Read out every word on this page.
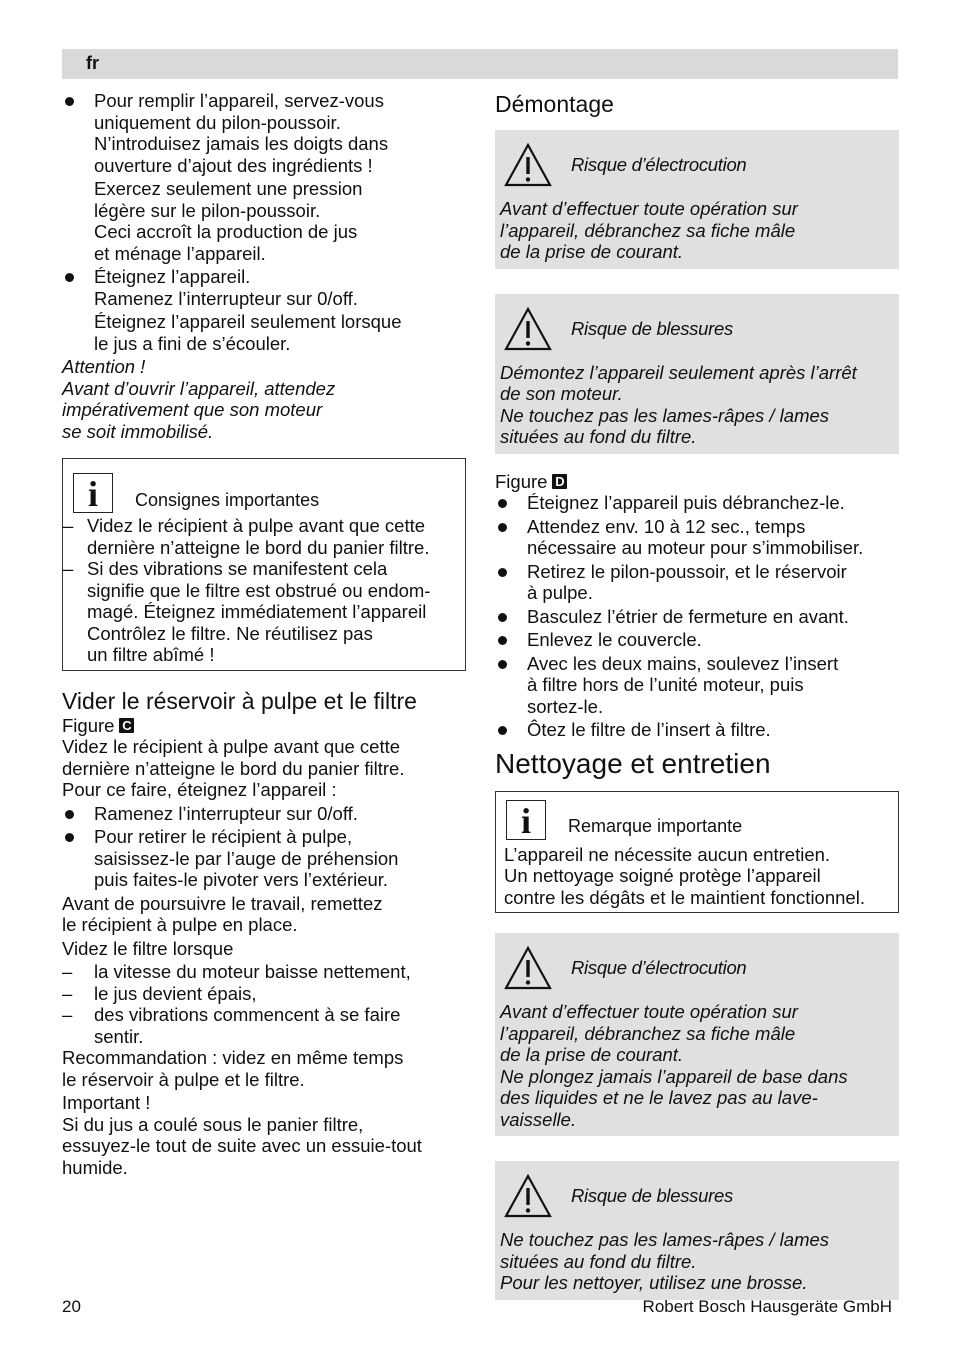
fr

Pour remplir l’appareil, servez-vous

uniquement du pilon-poussoir.

N’introduisez jamais les doigts dans

ouverture d’ajout des ingrédients !

Exercez seulement une pression

légère sur le pilon-poussoir.

Ceci accroît la production de jus

et ménage l’appareil.

Éteignez l’appareil.

Ramenez l’interrupteur sur 0/off.

Éteignez l’appareil seulement lorsque

le jus a fini de s’écouler.

Attention !

Avant d’ouvrir l’appareil, attendez

impérativement que son moteur

se soit immobilisé.

i	Consignes importantes

– Videz le récipient à pulpe avant que cette

dernière n’atteigne le bord du panier filtre.

– Si des vibrations se manifestent cela

signifie que le filtre est obstrué ou endom-

magé. Éteignez immédiatement l’appareil

Contrôlez le filtre. Ne réutilisez pas

un filtre abîmé !

Vider le réservoir à pulpe et le filtre

Figure C

Videz le récipient à pulpe avant que cette

dernière n’atteigne le bord du panier filtre.

Pour ce faire, éteignez l’appareil :

Ramenez l’interrupteur sur 0/off.

Pour retirer le récipient à pulpe,

saisissez-le par l’auge de préhension

puis faites-le pivoter vers l’extérieur.

Avant de poursuivre le travail, remettez

le récipient à pulpe en place.

Videz le filtre lorsque

– la vitesse du moteur baisse nettement,
– le jus devient épais,

– des vibrations commencent à se faire

sentir.

Recommandation : videz en même temps

le réservoir à pulpe et le filtre.

Important !

Si du jus a coulé sous le panier filtre,

essuyez-le tout de suite avec un essuie-tout

humide.

Démontage
Risque d’électrocution

Avant d’effectuer toute opération sur

l’appareil, débranchez sa fiche mâle

de la prise de courant.

Risque de blessures

Démontez l’appareil seulement après l’arrêt

de son moteur.

Ne touchez pas les lames-râpes / lames

situées au fond du filtre.

Figure D

Éteignez l’appareil puis débranchez-le.

Attendez env. 10 à 12 sec., temps

nécessaire au moteur pour s’immobiliser.

Retirez le pilon-poussoir, et le réservoir

à pulpe.

Basculez l’étrier de fermeture en avant.
Enlevez le couvercle.

Avec les deux mains, soulevez l’insert

à filtre hors de l’unité moteur, puis

sortez-le.

Ôtez le filtre de l’insert à filtre.
Nettoyage et entretien
i	Remarque importante

L’appareil ne nécessite aucun entretien.

Un nettoyage soigné protège l’appareil

contre les dégâts et le maintient fonctionnel.

Risque d’électrocution

Avant d’effectuer toute opération sur

l’appareil, débranchez sa fiche mâle

de la prise de courant.

Ne plongez jamais l’appareil de base dans

des liquides et ne le lavez pas au lave-

vaisselle.

Risque de blessures

Ne touchez pas les lames-râpes / lames

situées au fond du filtre.

Pour les nettoyer, utilisez une brosse.

20	Robert Bosch Hausgeräte GmbH
